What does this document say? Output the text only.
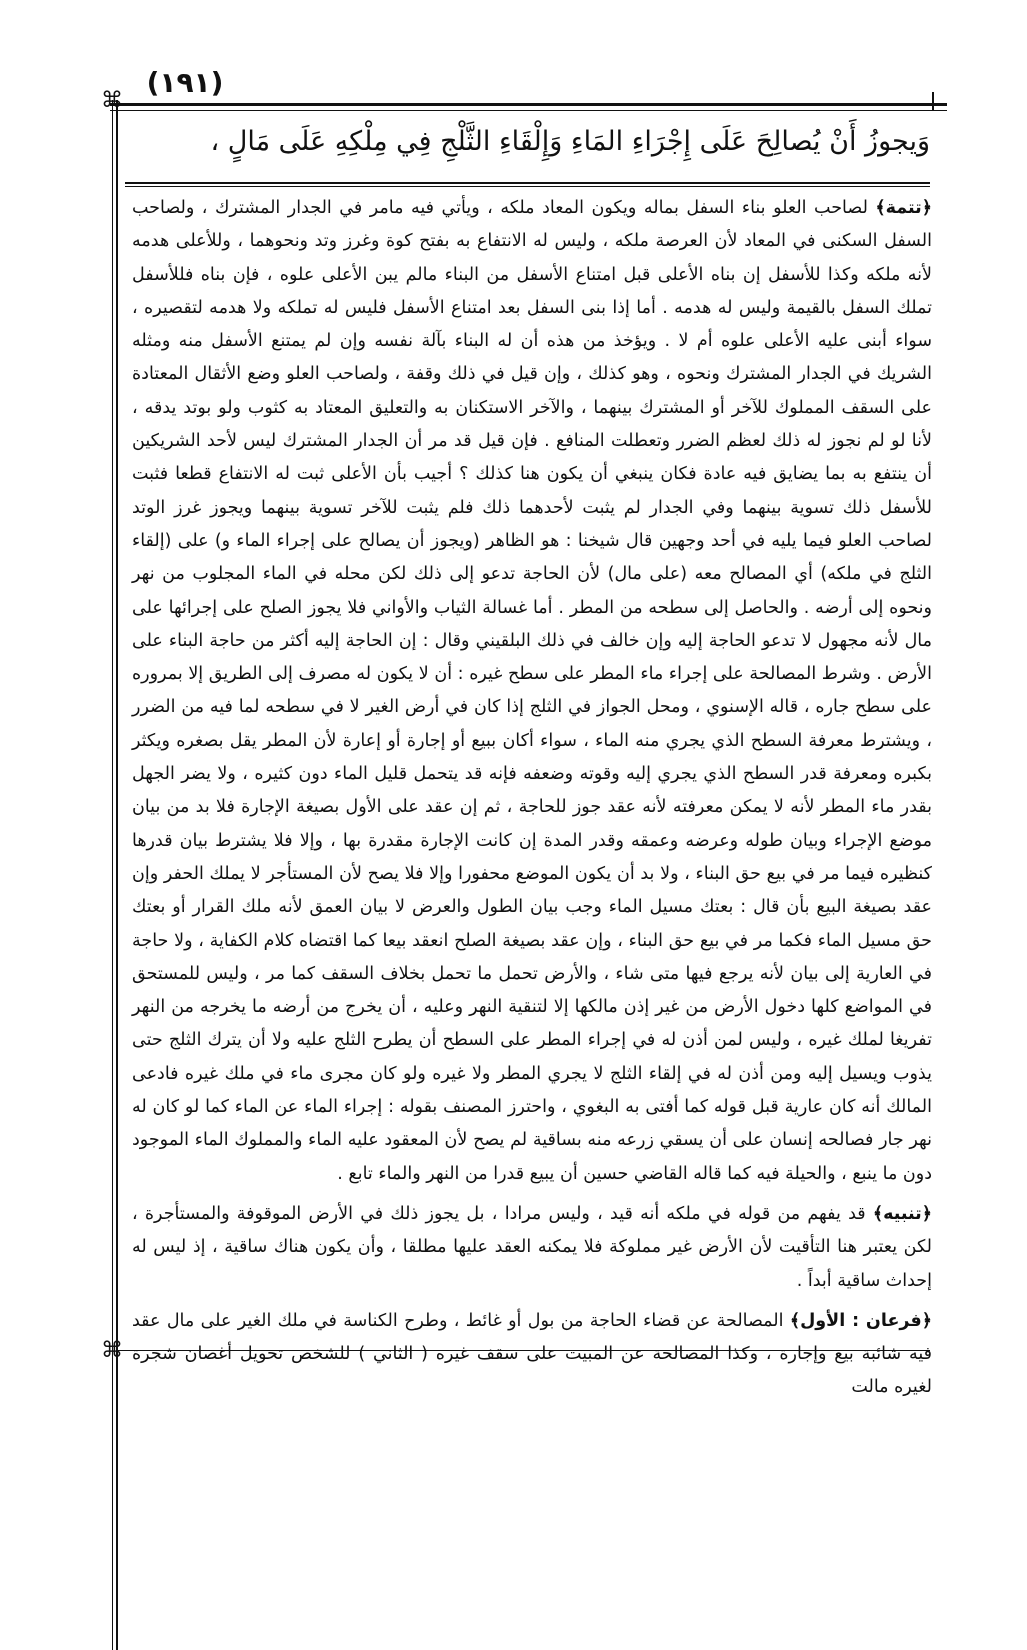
(١٩١)
⌘
وَيجوزُ أَنْ يُصالِحَ عَلَى إِجْرَاءِ المَاءِ وَإِلْقَاءِ الثَّلْجِ فِي مِلْكِهِ عَلَى مَالٍ ،

﴿تتمة﴾ لصاحب العلو بناء السفل بماله ويكون المعاد ملكه ، ويأتي فيه مامر في الجدار المشترك ، ولصاحب السفل السكنى في المعاد لأن العرصة ملكه ، وليس له الانتفاع به بفتح كوة وغرز وتد ونحوهما ، وللأعلى هدمه لأنه ملكه وكذا للأسفل إن بناه الأعلى قبل امتناع الأسفل من البناء مالم يبن الأعلى علوه ، فإن بناه فللأسفل تملك السفل بالقيمة وليس له هدمه . أما إذا بنى السفل بعد امتناع الأسفل فليس له تملكه ولا هدمه لتقصيره ، سواء أبنى عليه الأعلى علوه أم لا . ويؤخذ من هذه أن له البناء بآلة نفسه وإن لم يمتنع الأسفل منه ومثله الشريك في الجدار المشترك ونحوه ، وهو كذلك ، وإن قيل في ذلك وقفة ، ولصاحب العلو وضع الأثقال المعتادة على السقف المملوك للآخر أو المشترك بينهما ، والآخر الاستكنان به والتعليق المعتاد به كثوب ولو بوتد يدقه ، لأنا لو لم نجوز له ذلك لعظم الضرر وتعطلت المنافع . فإن قيل قد مر أن الجدار المشترك ليس لأحد الشريكين أن ينتفع به بما يضايق فيه عادة فكان ينبغي أن يكون هنا كذلك ؟ أجيب بأن الأعلى ثبت له الانتفاع قطعا فثبت للأسفل ذلك تسوية بينهما وفي الجدار لم يثبت لأحدهما ذلك فلم يثبت للآخر تسوية بينهما ويجوز غرز الوتد لصاحب العلو فيما يليه في أحد وجهين قال شيخنا : هو الظاهر (ويجوز أن يصالح على إجراء الماء و) على (إلقاء الثلج في ملكه) أي المصالح معه (على مال) لأن الحاجة تدعو إلى ذلك لكن محله في الماء المجلوب من نهر ونحوه إلى أرضه . والحاصل إلى سطحه من المطر . أما غسالة الثياب والأواني فلا يجوز الصلح على إجرائها على مال لأنه مجهول لا تدعو الحاجة إليه وإن خالف في ذلك البلقيني وقال : إن الحاجة إليه أكثر من حاجة البناء على الأرض . وشرط المصالحة على إجراء ماء المطر على سطح غيره : أن لا يكون له مصرف إلى الطريق إلا بمروره على سطح جاره ، قاله الإسنوي ، ومحل الجواز في الثلج إذا كان في أرض الغير لا في سطحه لما فيه من الضرر ، ويشترط معرفة السطح الذي يجري منه الماء ، سواء أكان ببيع أو إجارة أو إعارة لأن المطر يقل بصغره ويكثر بكبره ومعرفة قدر السطح الذي يجري إليه وقوته وضعفه فإنه قد يتحمل قليل الماء دون كثيره ، ولا يضر الجهل بقدر ماء المطر لأنه لا يمكن معرفته لأنه عقد جوز للحاجة ، ثم إن عقد على الأول بصيغة الإجارة فلا بد من بيان موضع الإجراء وبيان طوله وعرضه وعمقه وقدر المدة إن كانت الإجارة مقدرة بها ، وإلا فلا يشترط بيان قدرها كنظيره فيما مر في بيع حق البناء ، ولا بد أن يكون الموضع محفورا وإلا فلا يصح لأن المستأجر لا يملك الحفر وإن عقد بصيغة البيع بأن قال : بعتك مسيل الماء وجب بيان الطول والعرض لا بيان العمق لأنه ملك القرار أو بعتك حق مسيل الماء فكما مر في بيع حق البناء ، وإن عقد بصيغة الصلح انعقد بيعا كما اقتضاه كلام الكفاية ، ولا حاجة في العارية إلى بيان لأنه يرجع فيها متى شاء ، والأرض تحمل ما تحمل بخلاف السقف كما مر ، وليس للمستحق في المواضع كلها دخول الأرض من غير إذن مالكها إلا لتنقية النهر وعليه ، أن يخرج من أرضه ما يخرجه من النهر تفريغا لملك غيره ، وليس لمن أذن له في إجراء المطر على السطح أن يطرح الثلج عليه ولا أن يترك الثلج حتى يذوب ويسيل إليه ومن أذن له في إلقاء الثلج لا يجري المطر ولا غيره ولو كان مجرى ماء في ملك غيره فادعى المالك أنه كان عارية قبل قوله كما أفتى به البغوي ، واحترز المصنف بقوله : إجراء الماء عن الماء كما لو كان له نهر جار فصالحه إنسان على أن يسقي زرعه منه بساقية لم يصح لأن المعقود عليه الماء والمملوك الماء الموجود دون ما ينبع ، والحيلة فيه كما قاله القاضي حسين أن يبيع قدرا من النهر والماء تابع .

﴿تنبيه﴾ قد يفهم من قوله في ملكه أنه قيد ، وليس مرادا ، بل يجوز ذلك في الأرض الموقوفة والمستأجرة ، لكن يعتبر هنا التأقيت لأن الأرض غير مملوكة فلا يمكنه العقد عليها مطلقا ، وأن يكون هناك ساقية ، إذ ليس له إحداث ساقية أبداً .

﴿فرعان : الأول﴾ المصالحة عن قضاء الحاجة من بول أو غائط ، وطرح الكناسة في ملك الغير على مال عقد فيه شائبة بيع وإجارة ، وكذا المصالحة عن المبيت على سقف غيره ( الثاني ) للشخص تحويل أغصان شجرة لغيره مالت

⌘
